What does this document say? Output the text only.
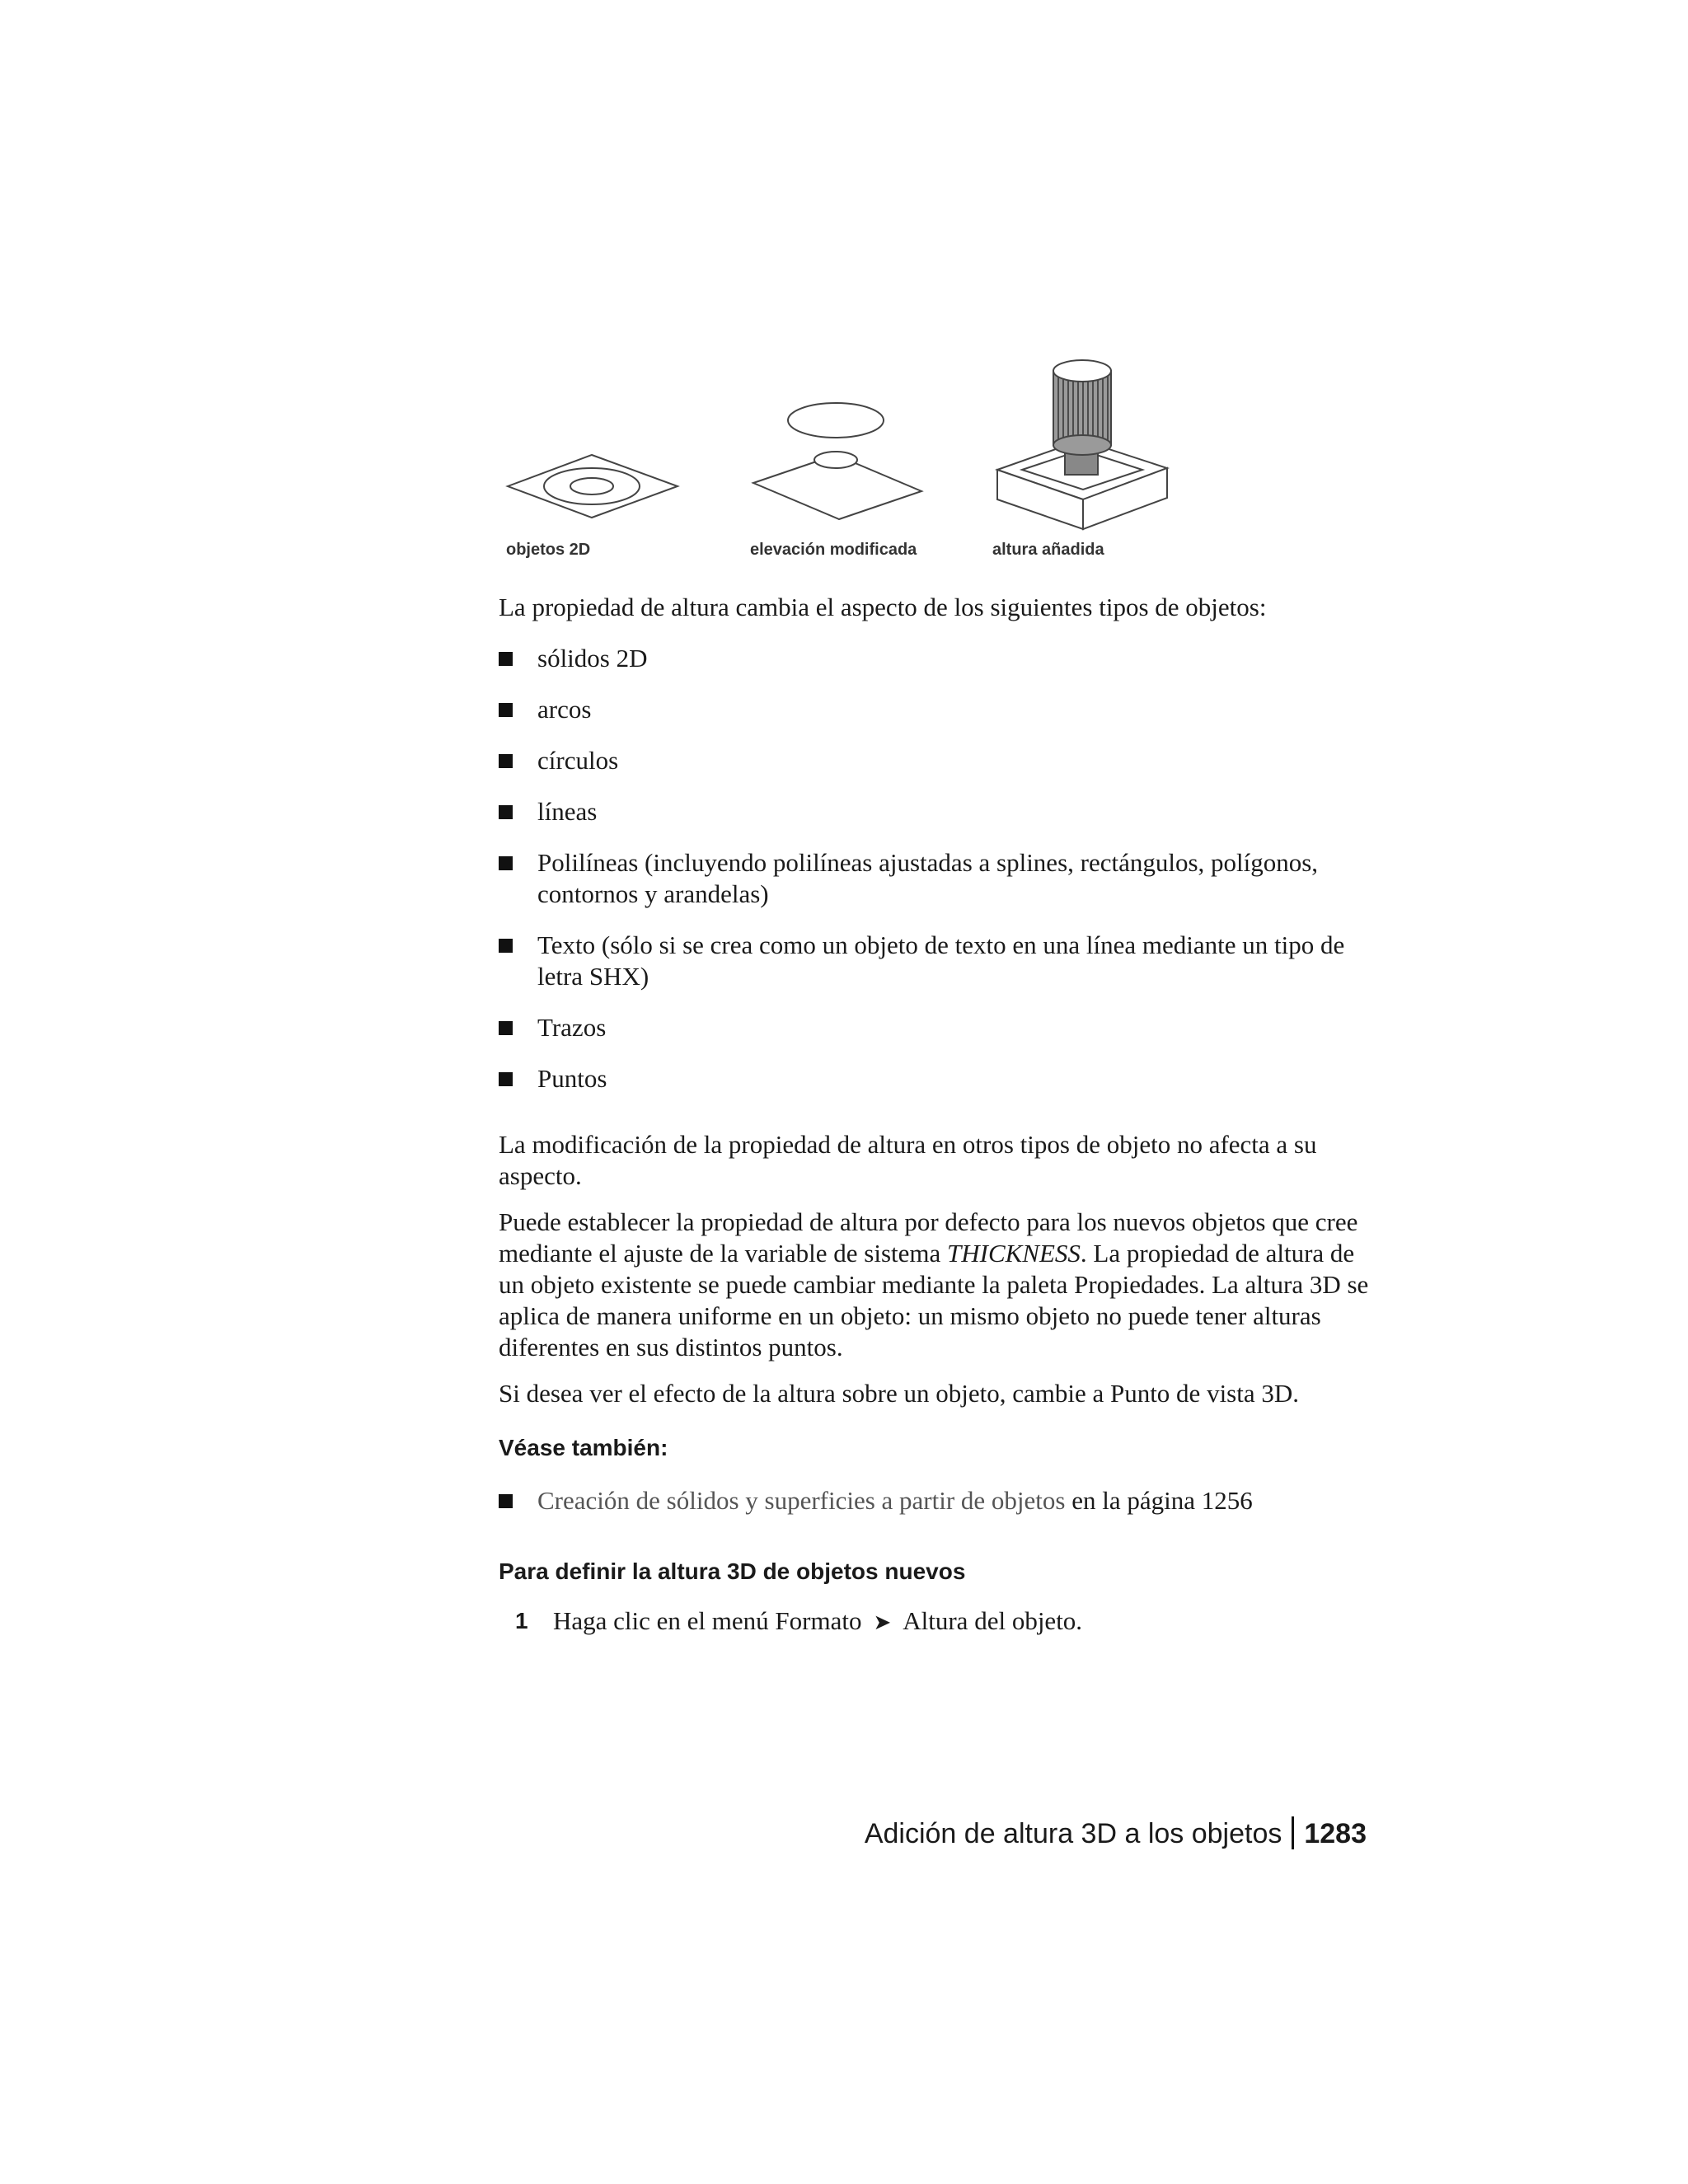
objetos 2D	elevación modificada	altura añadida

La propiedad de altura cambia el aspecto de los siguientes tipos de objetos:

sólidos 2D
arcos
círculos
líneas
Polilíneas (incluyendo polilíneas ajustadas a splines, rectángulos, polígonos, contornos y arandelas)
Texto (sólo si se crea como un objeto de texto en una línea mediante un tipo de letra SHX)
Trazos
Puntos

La modificación de la propiedad de altura en otros tipos de objeto no afecta a su aspecto.

Puede establecer la propiedad de altura por defecto para los nuevos objetos que cree mediante el ajuste de la variable de sistema THICKNESS. La propiedad de altura de un objeto existente se puede cambiar mediante la paleta Propiedades. La altura 3D se aplica de manera uniforme en un objeto: un mismo objeto no puede tener alturas diferentes en sus distintos puntos.

Si desea ver el efecto de la altura sobre un objeto, cambie a Punto de vista 3D.

Véase también:
Creación de sólidos y superficies a partir de objetos en la página 1256
Para definir la altura 3D de objetos nuevos
1 Haga clic en el menú Formato ➤ Altura del objeto.
Adición de altura 3D a los objetos 1283
